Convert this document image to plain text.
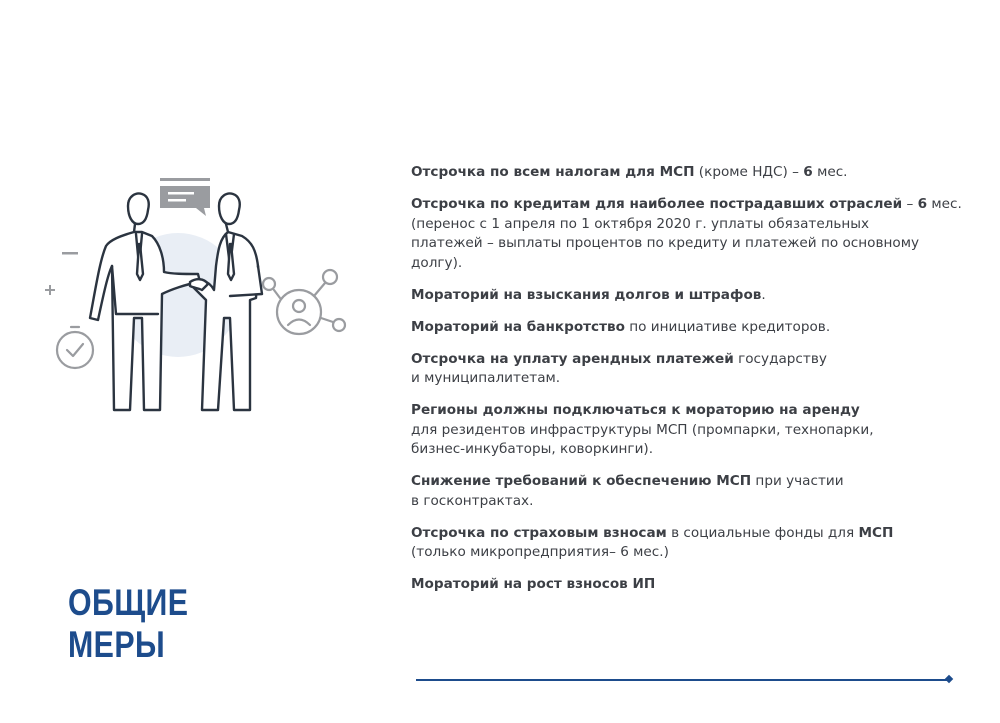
Отсрочка по всем налогам для МСП (кроме НДС) – 6 мес.
Отсрочка по кредитам для наиболее пострадавших отраслей – 6 мес.
(перенос с 1 апреля по 1 октября 2020 г. уплаты обязательных
платежей – выплаты процентов по кредиту и платежей по основному
долгу).
Мораторий на взыскания долгов и штрафов.
Мораторий на банкротство по инициативе кредиторов.
Отсрочка на уплату арендных платежей государству
и муниципалитетам.
Регионы должны подключаться к мораторию на аренду
для резидентов инфраструктуры МСП (промпарки, технопарки,
бизнес-инкубаторы, коворкинги).
Снижение требований к обеспечению МСП при участии
в госконтрактах.
Отсрочка по страховым взносам в социальные фонды для МСП
(только микропредприятия– 6 мес.)
Мораторий на рост взносов ИП
ОБЩИЕ
МЕРЫ
